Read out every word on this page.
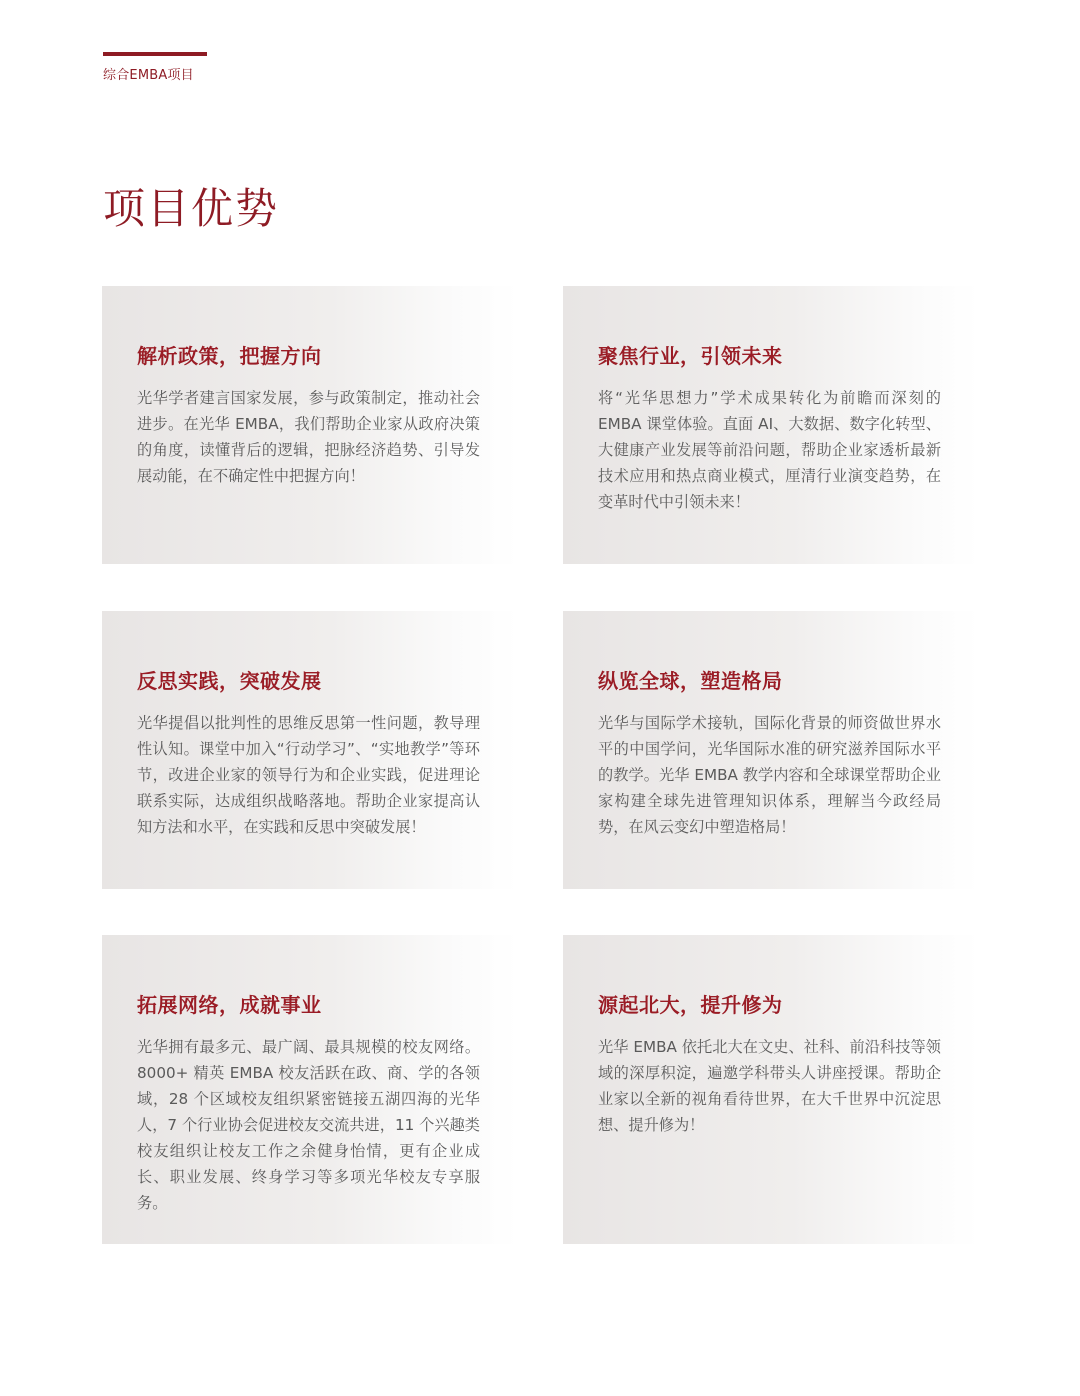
综合EMBA项目
项目优势
解析政策，把握方向

光华学者建言国家发展，参与政策制定，推动社会进步。在光华 EMBA，我们帮助企业家从政府决策的角度，读懂背后的逻辑，把脉经济趋势、引导发展动能，在不确定性中把握方向！

聚焦行业，引领未来

将“光华思想力”学术成果转化为前瞻而深刻的 EMBA 课堂体验。直面 AI、大数据、数字化转型、大健康产业发展等前沿问题，帮助企业家透析最新技术应用和热点商业模式，厘清行业演变趋势，在变革时代中引领未来！

反思实践，突破发展

光华提倡以批判性的思维反思第一性问题，教导理性认知。课堂中加入“行动学习”、“实地教学”等环节，改进企业家的领导行为和企业实践，促进理论联系实际，达成组织战略落地。帮助企业家提高认知方法和水平，在实践和反思中突破发展！

纵览全球，塑造格局

光华与国际学术接轨，国际化背景的师资做世界水平的中国学问，光华国际水准的研究滋养国际水平的教学。光华 EMBA 教学内容和全球课堂帮助企业家构建全球先进管理知识体系，理解当今政经局势，在风云变幻中塑造格局！

拓展网络，成就事业

光华拥有最多元、最广阔、最具规模的校友网络。8000+ 精英 EMBA 校友活跃在政、商、学的各领域，28 个区域校友组织紧密链接五湖四海的光华人，7 个行业协会促进校友交流共进，11 个兴趣类校友组织让校友工作之余健身怡情，更有企业成长、职业发展、终身学习等多项光华校友专享服务。

源起北大，提升修为

光华 EMBA 依托北大在文史、社科、前沿科技等领域的深厚积淀，遍邀学科带头人讲座授课。帮助企业家以全新的视角看待世界，在大千世界中沉淀思想、提升修为！
